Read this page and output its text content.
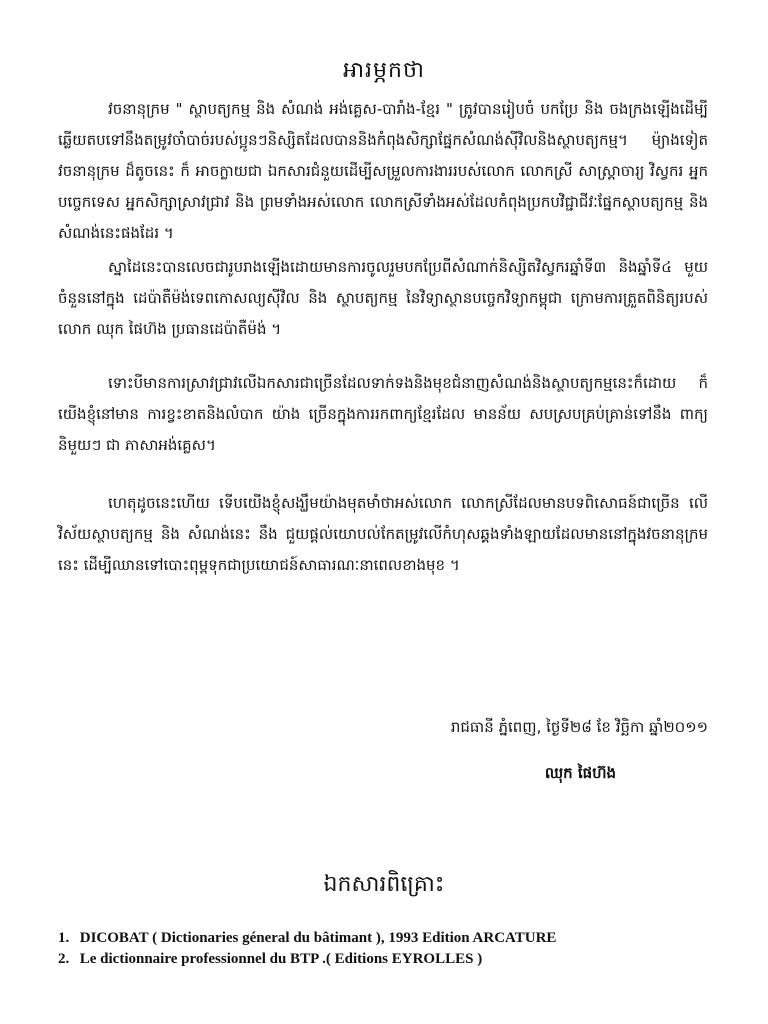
អារម្ភកថា
វចនានុក្រម " ស្ថាបត្យកម្ម និង សំណង់ អង់គ្លេស-បារាំង-ខ្មែរ " ត្រូវបានរៀបចំ បកប្រែ និង ចងក្រងឡើងដើម្បីឆ្លើយតបទៅនឹងតម្រូវចាំបាច់របស់ប្អូនៗនិស្សិតដែលបាននិងកំពុងសិក្សាផ្នែកសំណង់ស៊ីវិលនិងស្ថាបត្យកម្ម។ ម៉្យាងទៀត វចនានុក្រម ដ៏តូចនេះ ក៏ អាចក្លាយជា ឯកសារជំនួយដើម្បីសម្រួលការងាររបស់លោក លោកស្រី សាស្ត្រាចារ្យ វិស្វករ អ្នកបច្ចេកទេស អ្នកសិក្សាស្រាវជ្រាវ និង ព្រមទាំងអស់លោក លោកស្រីទាំងអស់ដែលកំពុងប្រកបវិជ្ជាជីវៈផ្នែកស្ថាបត្យកម្ម និង សំណង់នេះផងដែរ ។
ស្នាដៃនេះបានលេចជារូបរាងឡើងដោយមានការចូលរួមបកប្រែពីសំណាក់និស្សិតវិស្វករឆ្នាំទី៣ និងឆ្នាំទី៤ មួយចំនួននៅក្នុង ដេប៉ាតឺម៉ង់ទេពកោសល្យស៊ីវិល និង ស្ថាបត្យកម្ម នៃវិទ្យាស្ថានបច្ចេកវិទ្យាកម្ពុជា ក្រោមការត្រួតពិនិត្យរបស់លោក ឈុក ផៃហ៊ង ប្រធានដេប៉ាតឺម៉ង់ ។
ទោះបីមានការស្រាវជ្រាវលើឯកសារជាច្រើនដែលទាក់ទងនិងមុខជំនាញសំណង់និងស្ថាបត្យកម្មនេះក៏ដោយ ក៏យើងខ្ញុំនៅមាន ការខ្វះខាតនិងលំបាក យ៉ាង ច្រើនក្នុងការរកពាក្យខ្មែរដែល មានន័យ សបស្របគ្រប់គ្រាន់ទៅនឹង ពាក្យនិមួយៗ ជា ភាសាអង់គ្លេស។
ហេតុដូចនេះហើយ ទើបយើងខ្ញុំសង្ឃឹមយ៉ាងមុតមាំថាអស់លោក លោកស្រីដែលមានបទពិសោធន៍ជាច្រើន លើវិស័យស្ថាបត្យកម្ម និង សំណង់នេះ នឹង ជួយផ្តល់យោបល់កែតម្រូវលើកំហុសឆ្គងទាំងឡាយដែលមាននៅក្នុងវចនានុក្រមនេះ ដើម្បីឈានទៅបោះពុម្ពទុកជាប្រយោជន៍សាធារណៈនាពេលខាងមុខ ។
រាជធានី ភ្នំពេញ, ថ្ងៃទី២៨ ខែ វិច្ឆិកា ឆ្នាំ២០១១
ឈុក ផៃហ៊ង
ឯកសារពិគ្រោះ
1. DICOBAT ( Dictionaries géneral du bâtimant ), 1993 Edition ARCATURE
2. Le dictionnaire professionnel du BTP .( Editions EYROLLES )
